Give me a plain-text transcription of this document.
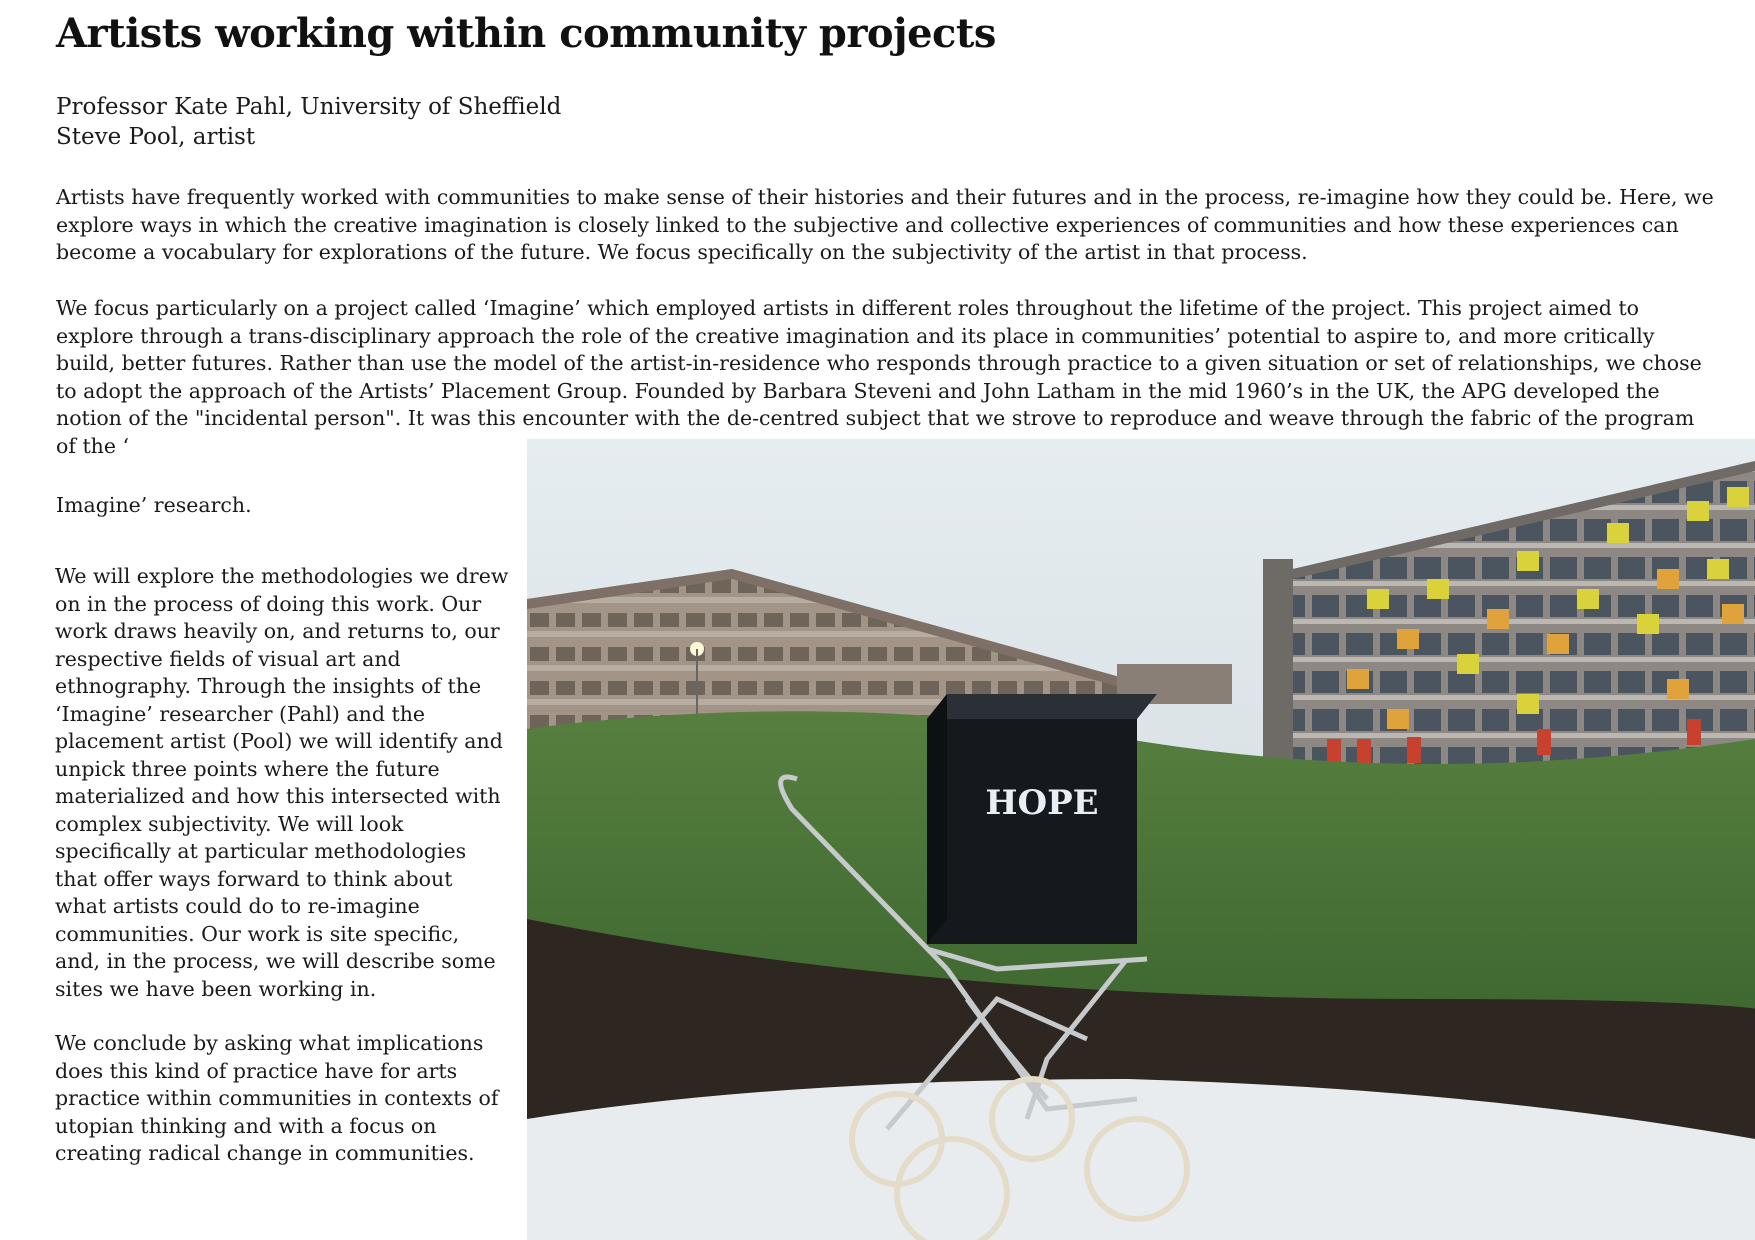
Artists working within community projects
Professor Kate Pahl, University of Sheffield
Steve Pool, artist

Artists have frequently worked with communities to make sense of their histories and their futures and in the process, re-imagine how they could be. Here, we explore ways in which the creative imagination is closely linked to the subjective and collective experiences of communities and how these experiences can become a vocabulary for explorations of the future. We focus specifically on the subjectivity of the artist in that process.

We focus particularly on a project called ‘Imagine’ which employed artists in different roles throughout the lifetime of the project. This project aimed to explore through a trans-disciplinary approach the role of the creative imagination and its place in communities’ potential to aspire to, and more critically build, better futures. Rather than use the model of the artist-in-residence who responds through practice to a given situation or set of relationships, we chose to adopt the approach of the Artists’ Placement Group. Founded by Barbara Steveni and John Latham in the mid 1960’s in the UK, the APG developed the notion of the "incidental person". It was this encounter with the de-centred subject that we strove to reproduce and weave through the fabric of the program of the ‘

Imagine’ research.

We will explore the methodologies we drew on in the process of doing this work. Our work draws heavily on, and returns to, our respective fields of visual art and ethnography. Through the insights of the ‘Imagine’ researcher (Pahl) and the placement artist (Pool) we will identify and unpick three points where the future materialized and how this intersected with complex subjectivity. We will look specifically at particular methodologies that offer ways forward to think about what artists could do to re-imagine communities. Our work is site specific, and, in the process, we will describe some sites we have been working in.

We conclude by asking what implications does this kind of practice have for arts practice within communities in contexts of utopian thinking and with a focus on creating radical change in communities.

HOPE
